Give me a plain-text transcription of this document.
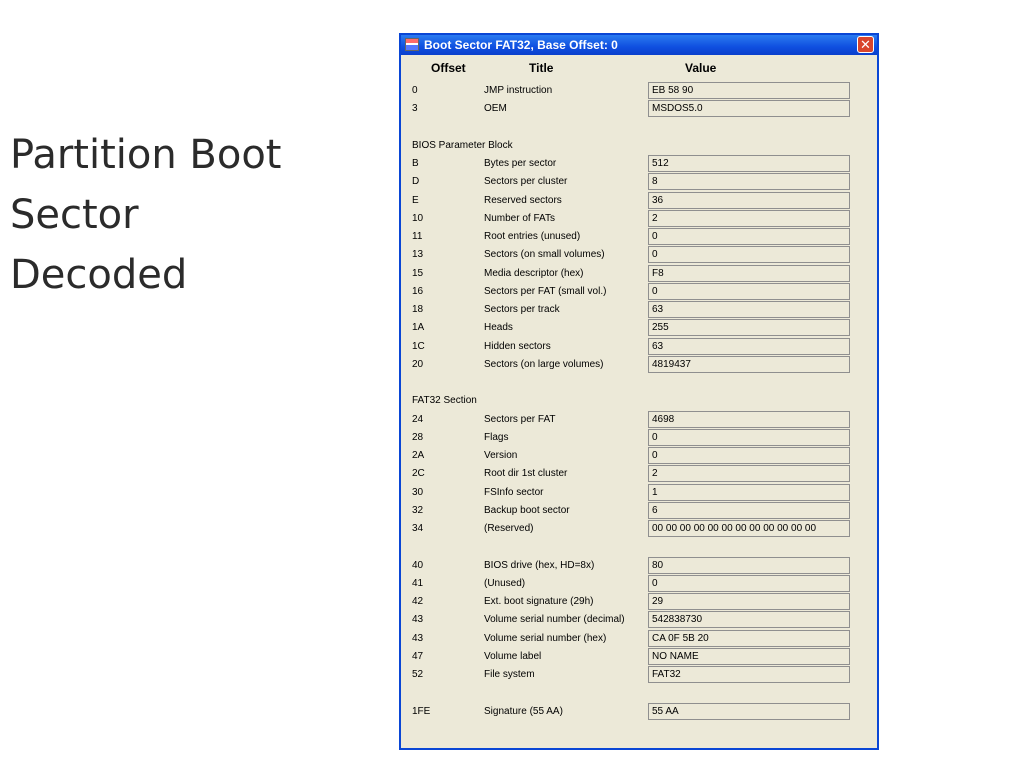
Partition Boot
Sector
Decoded
Boot Sector FAT32, Base Offset: 0	✕
Offset	Title	Value
0	JMP instruction	EB 58 90
3	OEM	MSDOS5.0
BIOS Parameter Block
B	Bytes per sector	512
D	Sectors per cluster	8
E	Reserved sectors	36
10	Number of FATs	2
11	Root entries (unused)	0
13	Sectors (on small volumes)	0
15	Media descriptor (hex)	F8
16	Sectors per FAT (small vol.)	0
18	Sectors per track	63
1A	Heads	255
1C	Hidden sectors	63
20	Sectors (on large volumes)	4819437
FAT32 Section
24	Sectors per FAT	4698
28	Flags	0
2A	Version	0
2C	Root dir 1st cluster	2
30	FSInfo sector	1
32	Backup boot sector	6
34	(Reserved)	00 00 00 00 00 00 00 00 00 00 00 00
40	BIOS drive (hex, HD=8x)	80
41	(Unused)	0
42	Ext. boot signature (29h)	29
43	Volume serial number (decimal)	542838730
43	Volume serial number (hex)	CA 0F 5B 20
47	Volume label	NO NAME
52	File system	FAT32
1FE	Signature (55 AA)	55 AA
